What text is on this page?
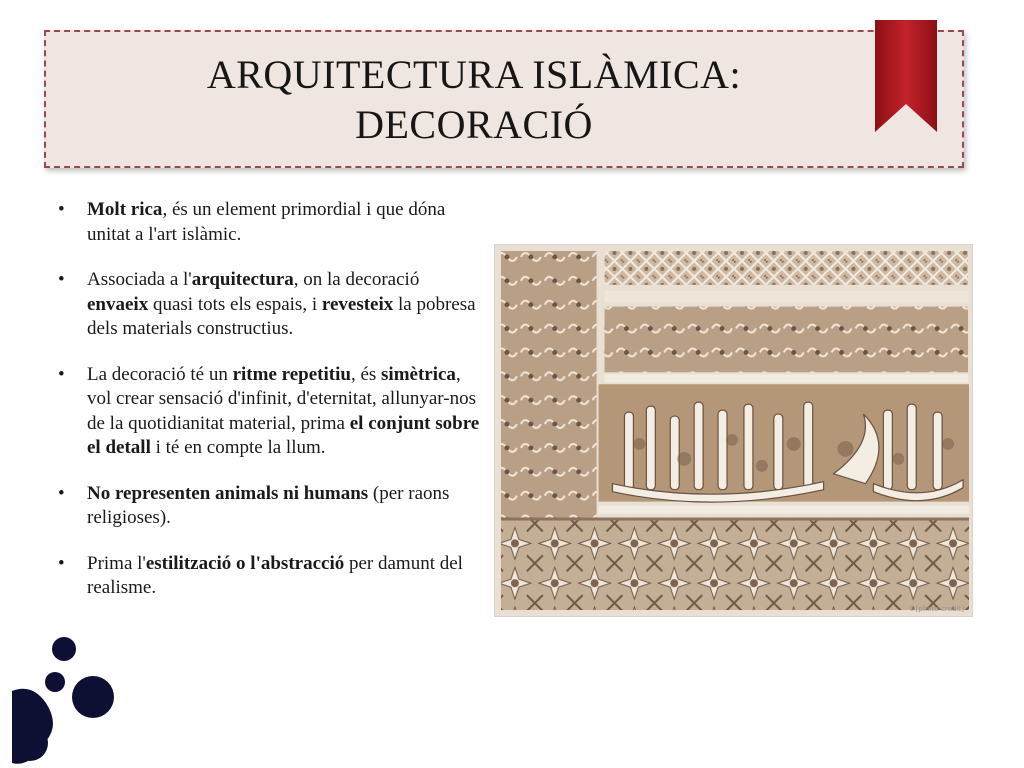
ARQUITECTURA ISLÀMICA:
DECORACIÓ
• Molt rica, és un element primordial i que dóna unitat a l'art islàmic.
• Associada a l'arquitectura, on la decoració envaeix quasi tots els espais, i revesteix la pobresa dels materials constructius.
• La decoració té un ritme repetitiu, és simètrica, vol crear sensació d'infinit, d'eternitat, allunyar-nos de la quotidianitat material, prima el conjunt sobre el detall i té en compte la llum.
• No representen animals ni humans (per raons religioses).
• Prima l'estilització o l'abstracció per damunt del realisme.
©[photo-credit]
